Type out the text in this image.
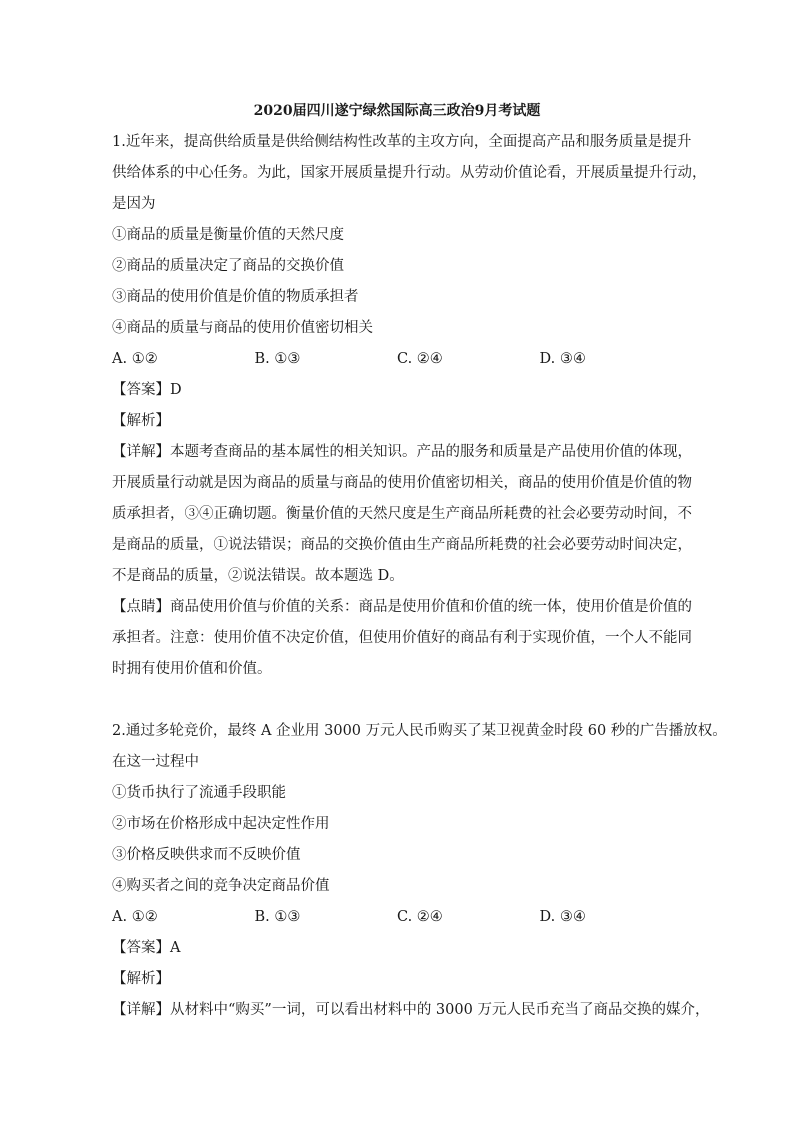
2020届四川遂宁绿然国际高三政治9月考试题

1.近年来，提高供给质量是供给侧结构性改革的主攻方向，全面提高产品和服务质量是提升

供给体系的中心任务。为此，国家开展质量提升行动。从劳动价值论看，开展质量提升行动，

是因为

①商品的质量是衡量价值的天然尺度

②商品的质量决定了商品的交换价值

③商品的使用价值是价值的物质承担者

④商品的质量与商品的使用价值密切相关

A. ①②	B. ①③	C. ②④	D. ③④

【答案】D

【解析】

【详解】本题考查商品的基本属性的相关知识。产品的服务和质量是产品使用价值的体现，

开展质量行动就是因为商品的质量与商品的使用价值密切相关，商品的使用价值是价值的物

质承担者，③④正确切题。衡量价值的天然尺度是生产商品所耗费的社会必要劳动时间，不

是商品的质量，①说法错误；商品的交换价值由生产商品所耗费的社会必要劳动时间决定，

不是商品的质量，②说法错误。故本题选 D。

【点睛】商品使用价值与价值的关系：商品是使用价值和价值的统一体，使用价值是价值的

承担者。注意：使用价值不决定价值，但使用价值好的商品有利于实现价值，一个人不能同

时拥有使用价值和价值。

2.通过多轮竞价，最终 A 企业用 3000 万元人民币购买了某卫视黄金时段 60 秒的广告播放权。

在这一过程中

①货币执行了流通手段职能

②市场在价格形成中起决定性作用

③价格反映供求而不反映价值

④购买者之间的竞争决定商品价值

A. ①②	B. ①③	C. ②④	D. ③④

【答案】A

【解析】

【详解】从材料中“购买”一词，可以看出材料中的 3000 万元人民币充当了商品交换的媒介，
